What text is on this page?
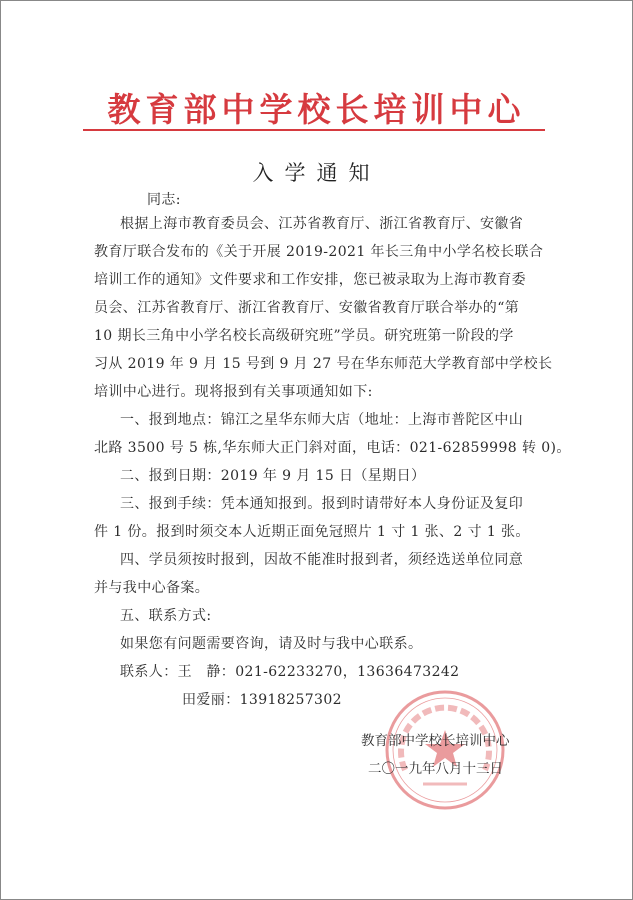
教育部中学校长培训中心
入学通知
同志:
根据上海市教育委员会、江苏省教育厅、浙江省教育厅、安徽省
教育厅联合发布的《关于开展 2019-2021 年长三角中小学名校长联合
培训工作的通知》文件要求和工作安排，您已被录取为上海市教育委
员会、江苏省教育厅、浙江省教育厅、安徽省教育厅联合举办的“第
10 期长三角中小学名校长高级研究班”学员。研究班第一阶段的学
习从 2019 年 9 月 15 号到 9 月 27 号在华东师范大学教育部中学校长
培训中心进行。现将报到有关事项通知如下:
一、报到地点：锦江之星华东师大店（地址：上海市普陀区中山
北路 3500 号 5 栋,华东师大正门斜对面，电话：021-62859998 转 0)。
二、报到日期：2019 年 9 月 15 日（星期日）
三、报到手续：凭本通知报到。报到时请带好本人身份证及复印
件 1 份。报到时须交本人近期正面免冠照片 1 寸 1 张、2 寸 1 张。
四、学员须按时报到，因故不能准时报到者，须经选送单位同意
并与我中心备案。
五、联系方式:
如果您有问题需要咨询，请及时与我中心联系。
联系人：王　静：021-62233270，13636473242
田爱丽：13918257302
教育部中学校长培训中心
二〇一九年八月十三日
